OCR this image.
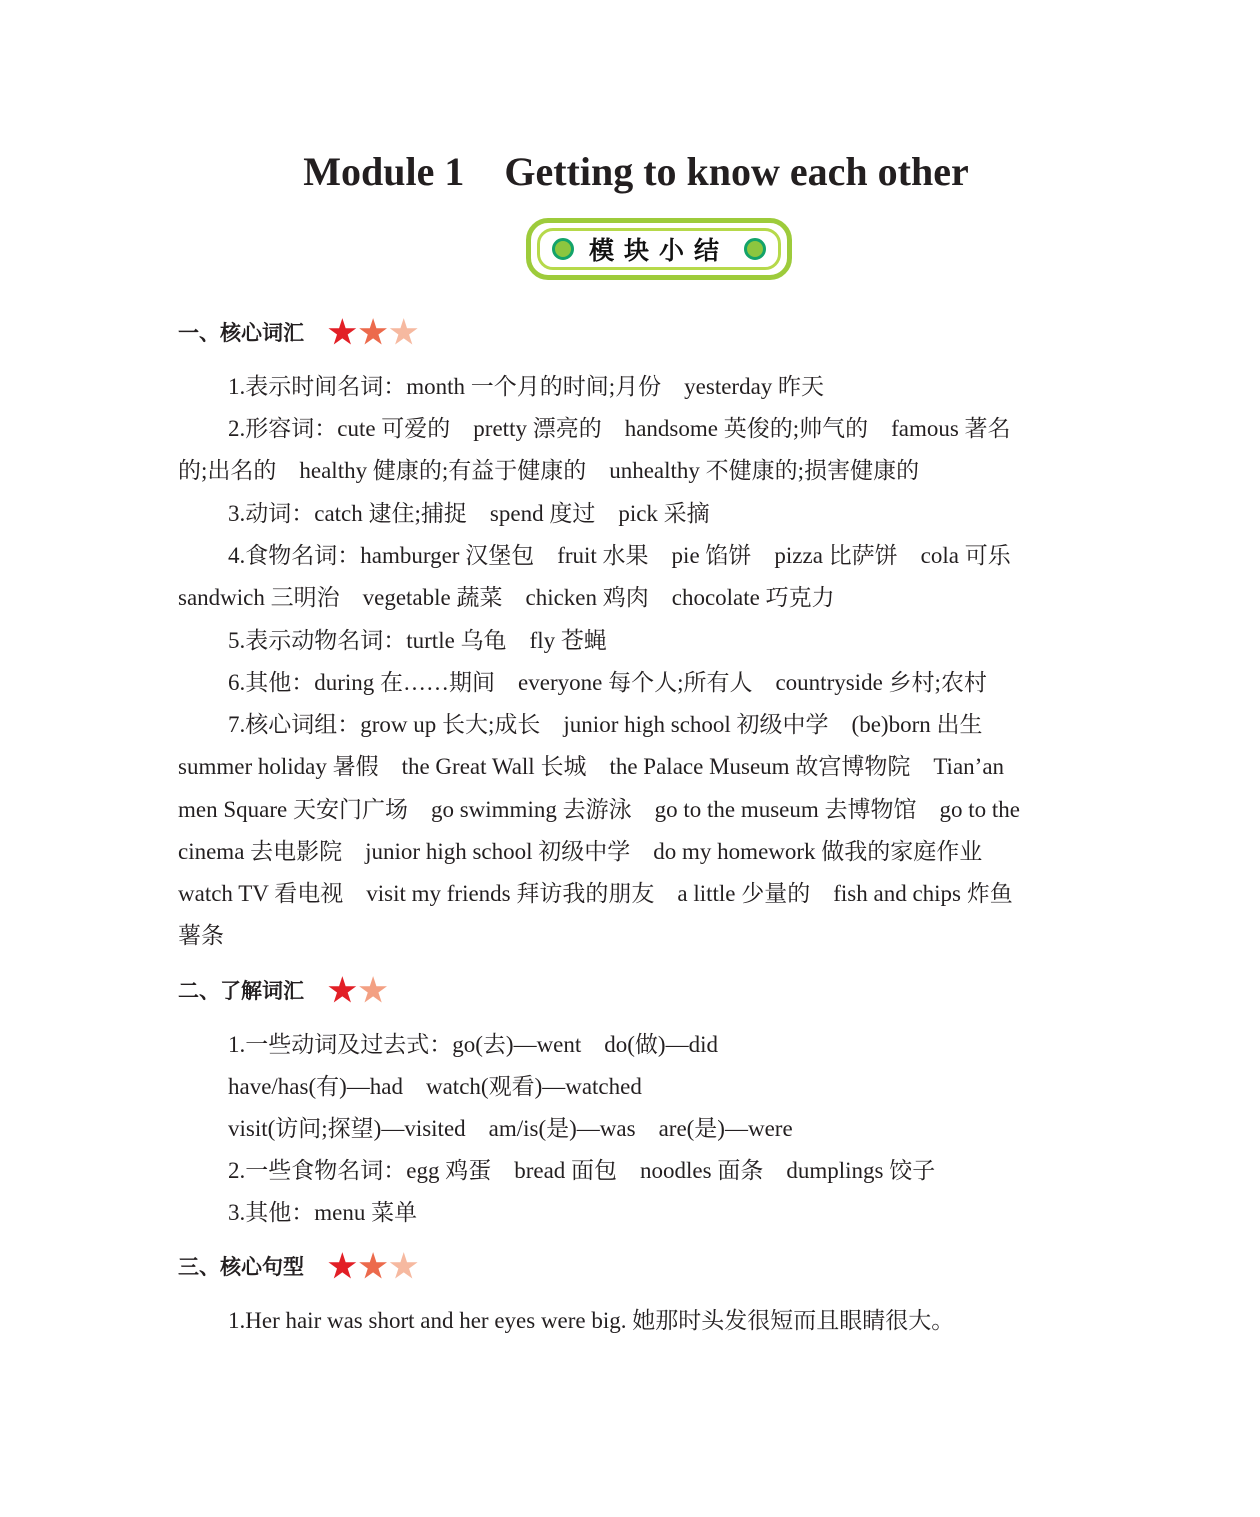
Module 1    Getting to know each other
模块小结
一、核心词汇 ★ ★ ★
二、了解词汇 ★ ★
三、核心句型 ★ ★ ★
1.表示时间名词：month 一个月的时间;月份    yesterday 昨天
2.形容词：cute 可爱的    pretty 漂亮的    handsome 英俊的;帅气的    famous 著名
的;出名的    healthy 健康的;有益于健康的    unhealthy 不健康的;损害健康的
3.动词：catch 逮住;捕捉    spend 度过    pick 采摘
4.食物名词：hamburger 汉堡包    fruit 水果    pie 馅饼    pizza 比萨饼    cola 可乐
sandwich 三明治    vegetable 蔬菜    chicken 鸡肉    chocolate 巧克力
5.表示动物名词：turtle 乌龟    fly 苍蝇
6.其他：during 在……期间    everyone 每个人;所有人    countryside 乡村;农村
7.核心词组：grow up 长大;成长    junior high school 初级中学    (be)born 出生
summer holiday 暑假    the Great Wall 长城    the Palace Museum 故宫博物院    Tian’an
men Square 天安门广场    go swimming 去游泳    go to the museum 去博物馆    go to the
cinema 去电影院    junior high school 初级中学    do my homework 做我的家庭作业
watch TV 看电视    visit my friends 拜访我的朋友    a little 少量的    fish and chips 炸鱼
薯条
1.一些动词及过去式：go(去)—went    do(做)—did
have/has(有)—had    watch(观看)—watched
visit(访问;探望)—visited    am/is(是)—was    are(是)—were
2.一些食物名词：egg 鸡蛋    bread 面包    noodles 面条    dumplings 饺子
3.其他：menu 菜单
1.Her hair was short and her eyes were big. 她那时头发很短而且眼睛很大。
